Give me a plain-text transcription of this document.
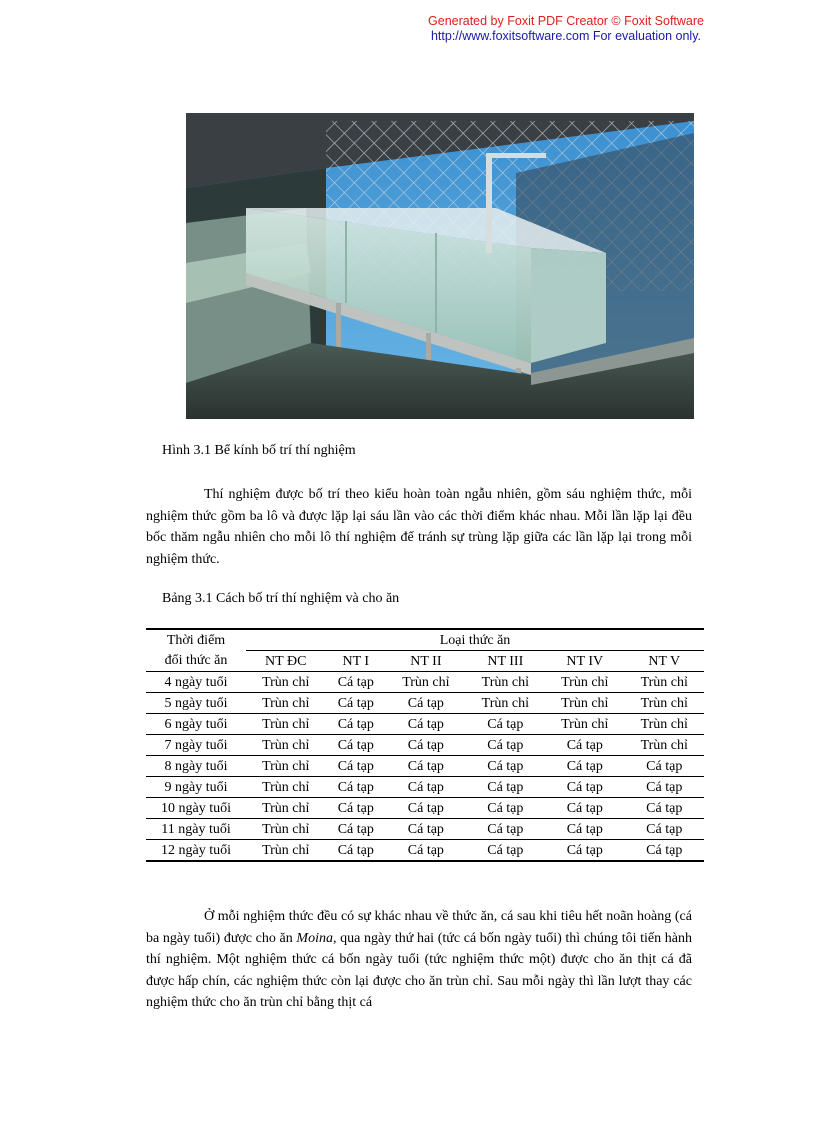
Generated by Foxit PDF Creator © Foxit Software
http://www.foxitsoftware.com For evaluation only.
Hình 3.1 Bể kính bố trí thí nghiệm

Thí nghiệm được bố trí theo kiểu hoàn toàn ngẫu nhiên, gồm sáu nghiệm thức, mỗi nghiệm thức gồm ba lô và được lặp lại sáu lần vào các thời điểm khác nhau. Mỗi lần lặp lại đều bốc thăm ngẫu nhiên cho mỗi lô thí nghiệm để tránh sự trùng lặp giữa các lần lặp lại trong mỗi nghiệm thức.

Bảng 3.1 Cách bố trí thí nghiệm và cho ăn
Thời điểm	Loại thức ăn					
đổi thức ăn	NT ĐC	NT I	NT II	NT III	NT IV	NT V
4 ngày tuổi	Trùn chỉ	Cá tạp	Trùn chỉ	Trùn chỉ	Trùn chỉ	Trùn chỉ
5 ngày tuổi	Trùn chỉ	Cá tạp	Cá tạp	Trùn chỉ	Trùn chỉ	Trùn chỉ
6 ngày tuổi	Trùn chỉ	Cá tạp	Cá tạp	Cá tạp	Trùn chỉ	Trùn chỉ
7 ngày tuổi	Trùn chỉ	Cá tạp	Cá tạp	Cá tạp	Cá tạp	Trùn chỉ
8 ngày tuổi	Trùn chỉ	Cá tạp	Cá tạp	Cá tạp	Cá tạp	Cá tạp
9 ngày tuổi	Trùn chỉ	Cá tạp	Cá tạp	Cá tạp	Cá tạp	Cá tạp
10 ngày tuổi	Trùn chỉ	Cá tạp	Cá tạp	Cá tạp	Cá tạp	Cá tạp
11 ngày tuổi	Trùn chỉ	Cá tạp	Cá tạp	Cá tạp	Cá tạp	Cá tạp
12 ngày tuổi	Trùn chỉ	Cá tạp	Cá tạp	Cá tạp	Cá tạp	Cá tạp

Ở mỗi nghiệm thức đều có sự khác nhau về thức ăn, cá sau khi tiêu hết noãn hoàng (cá ba ngày tuổi) được cho ăn Moina, qua ngày thứ hai (tức cá bốn ngày tuổi) thì chúng tôi tiến hành thí nghiệm. Một nghiệm thức cá bốn ngày tuổi (tức nghiệm thức một) được cho ăn thịt cá đã được hấp chín, các nghiệm thức còn lại được cho ăn trùn chỉ. Sau mỗi ngày thì lần lượt thay các nghiệm thức cho ăn trùn chỉ bằng thịt cá
